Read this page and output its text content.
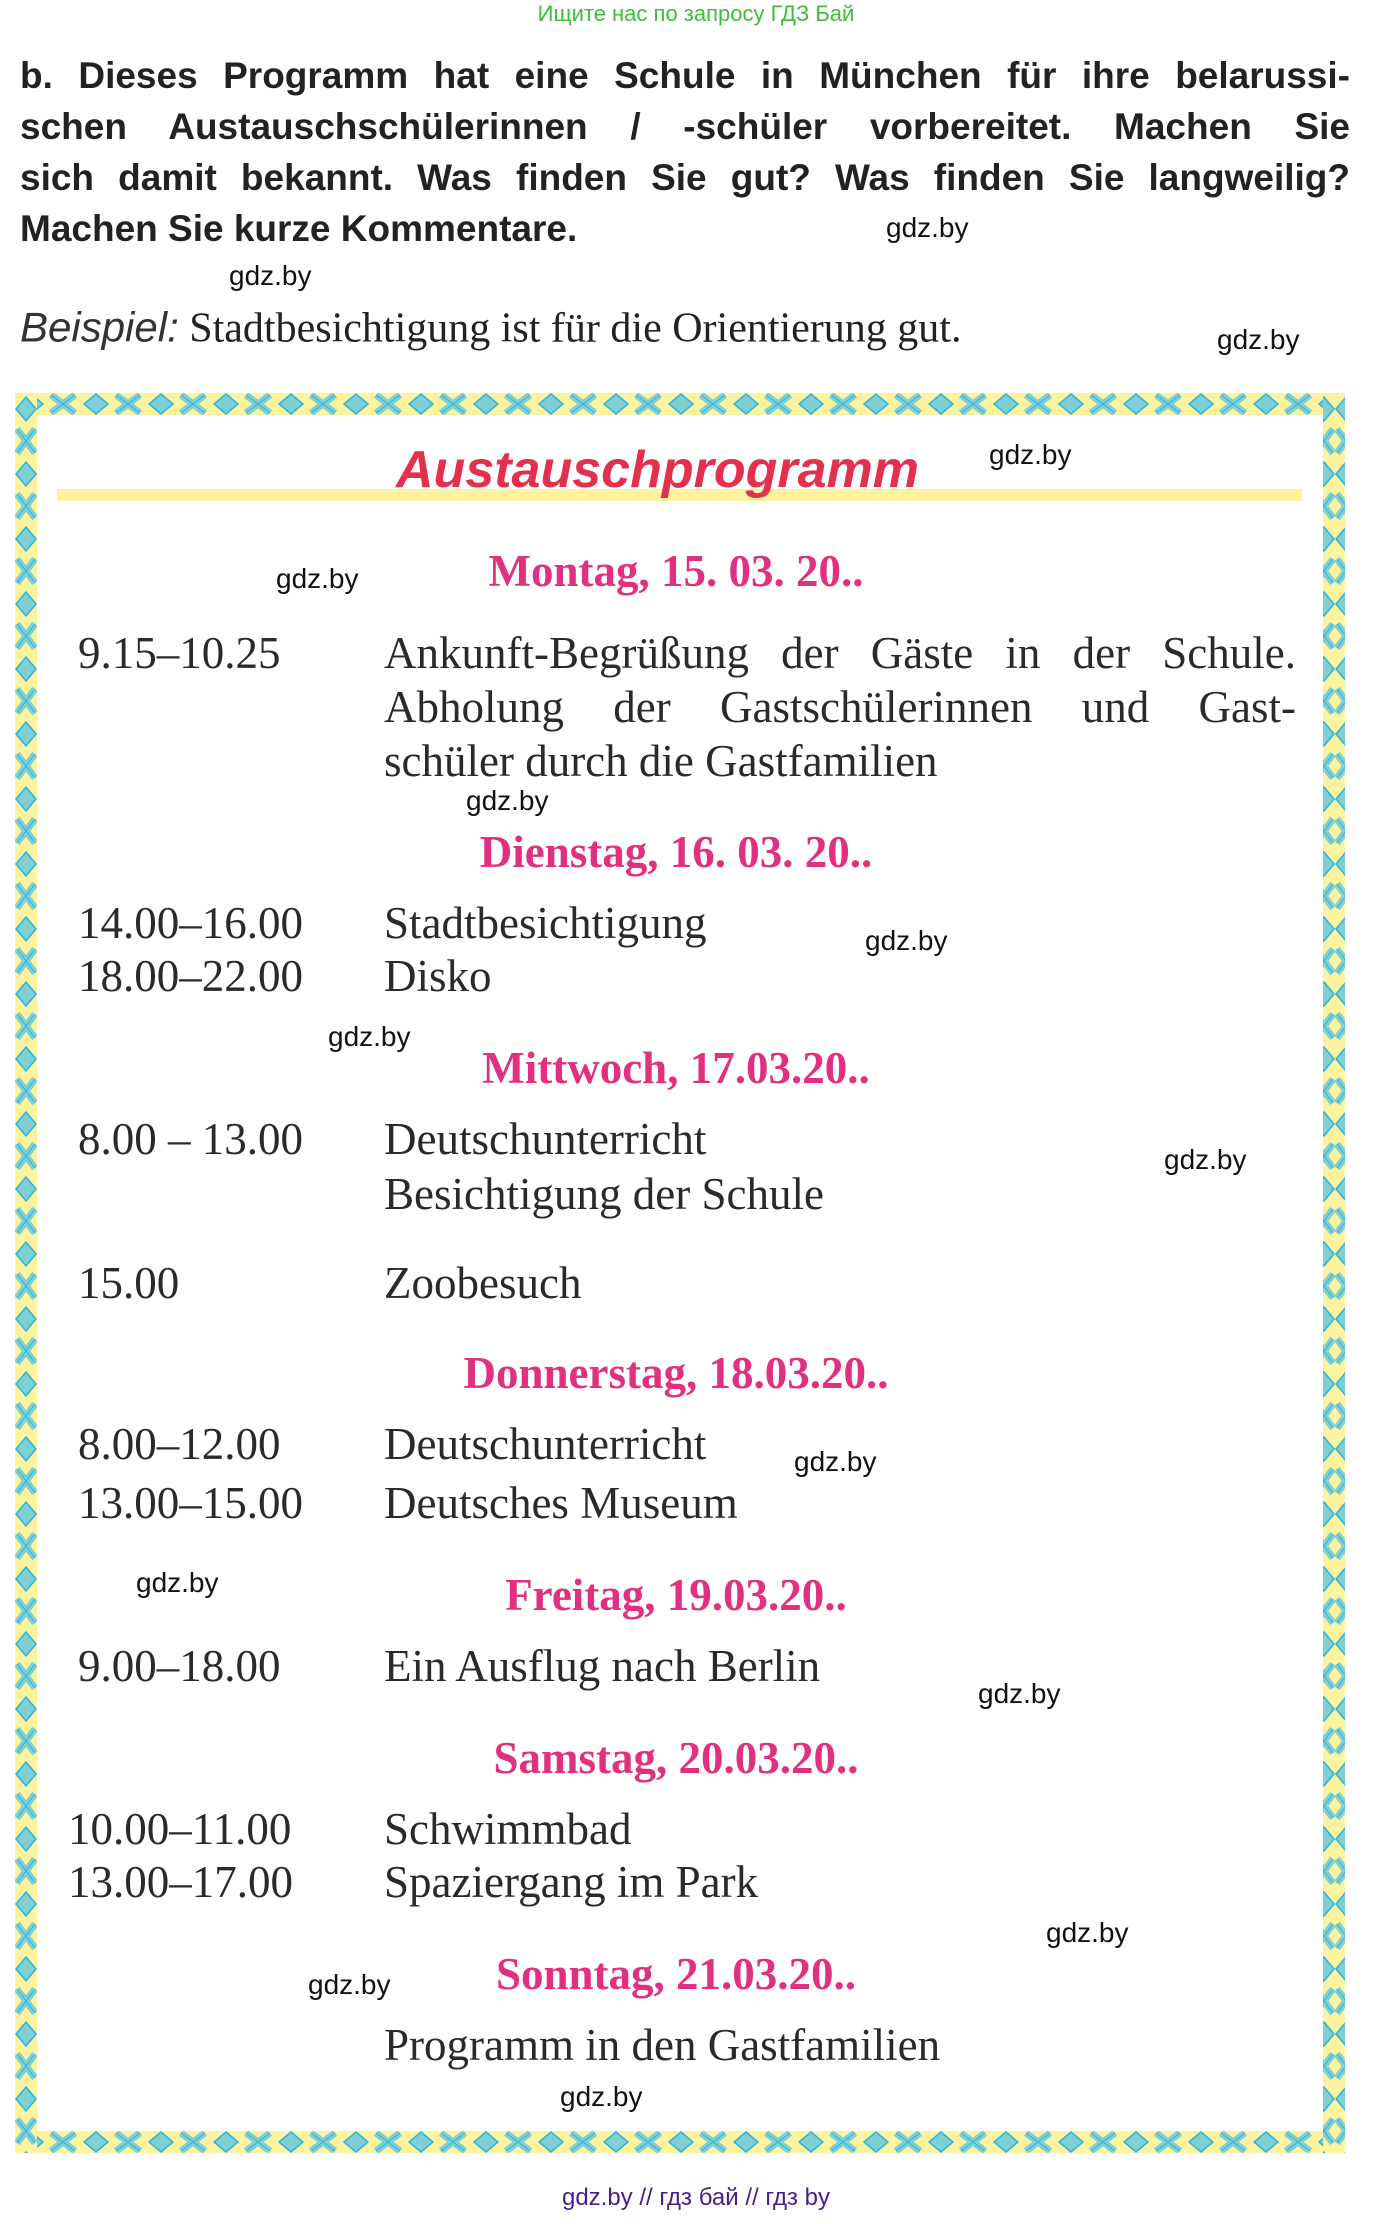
Ищите нас по запросу ГДЗ Бай
b. Dieses Programm hat eine Schule in München für ihre belarussi-
schen Austauschschülerinnen / -schüler vorbereitet. Machen Sie
sich damit bekannt. Was finden Sie gut? Was finden Sie langweilig?
Machen Sie kurze Kommentare.
Beispiel: Stadtbesichtigung ist für die Orientierung gut.
Austauschprogramm
Montag, 15. 03. 20..
9.15–10.25 Ankunft-Begrüßung der Gäste in der Schule.
Abholung der Gastschülerinnen und Gast-
schüler durch die Gastfamilien
Dienstag, 16. 03. 20..
14.00–16.00 Stadtbesichtigung
18.00–22.00 Disko
Mittwoch, 17.03.20..
8.00 – 13.00 Deutschunterricht
Besichtigung der Schule
15.00	Zoobesuch
Donnerstag, 18.03.20..
8.00–12.00 Deutschunterricht
13.00–15.00 Deutsches Museum
Freitag, 19.03.20..
9.00–18.00 Ein Ausflug nach Berlin
Samstag, 20.03.20..
10.00–11.00 Schwimmbad
13.00–17.00 Spaziergang im Park
Sonntag, 21.03.20..
Programm in den Gastfamilien
gdz.by
gdz.by
gdz.by
gdz.by
gdz.by
gdz.by
gdz.by
gdz.by
gdz.by
gdz.by
gdz.by
gdz.by
gdz.by
gdz.by
gdz.by
gdz.by // гдз бай // гдз by
